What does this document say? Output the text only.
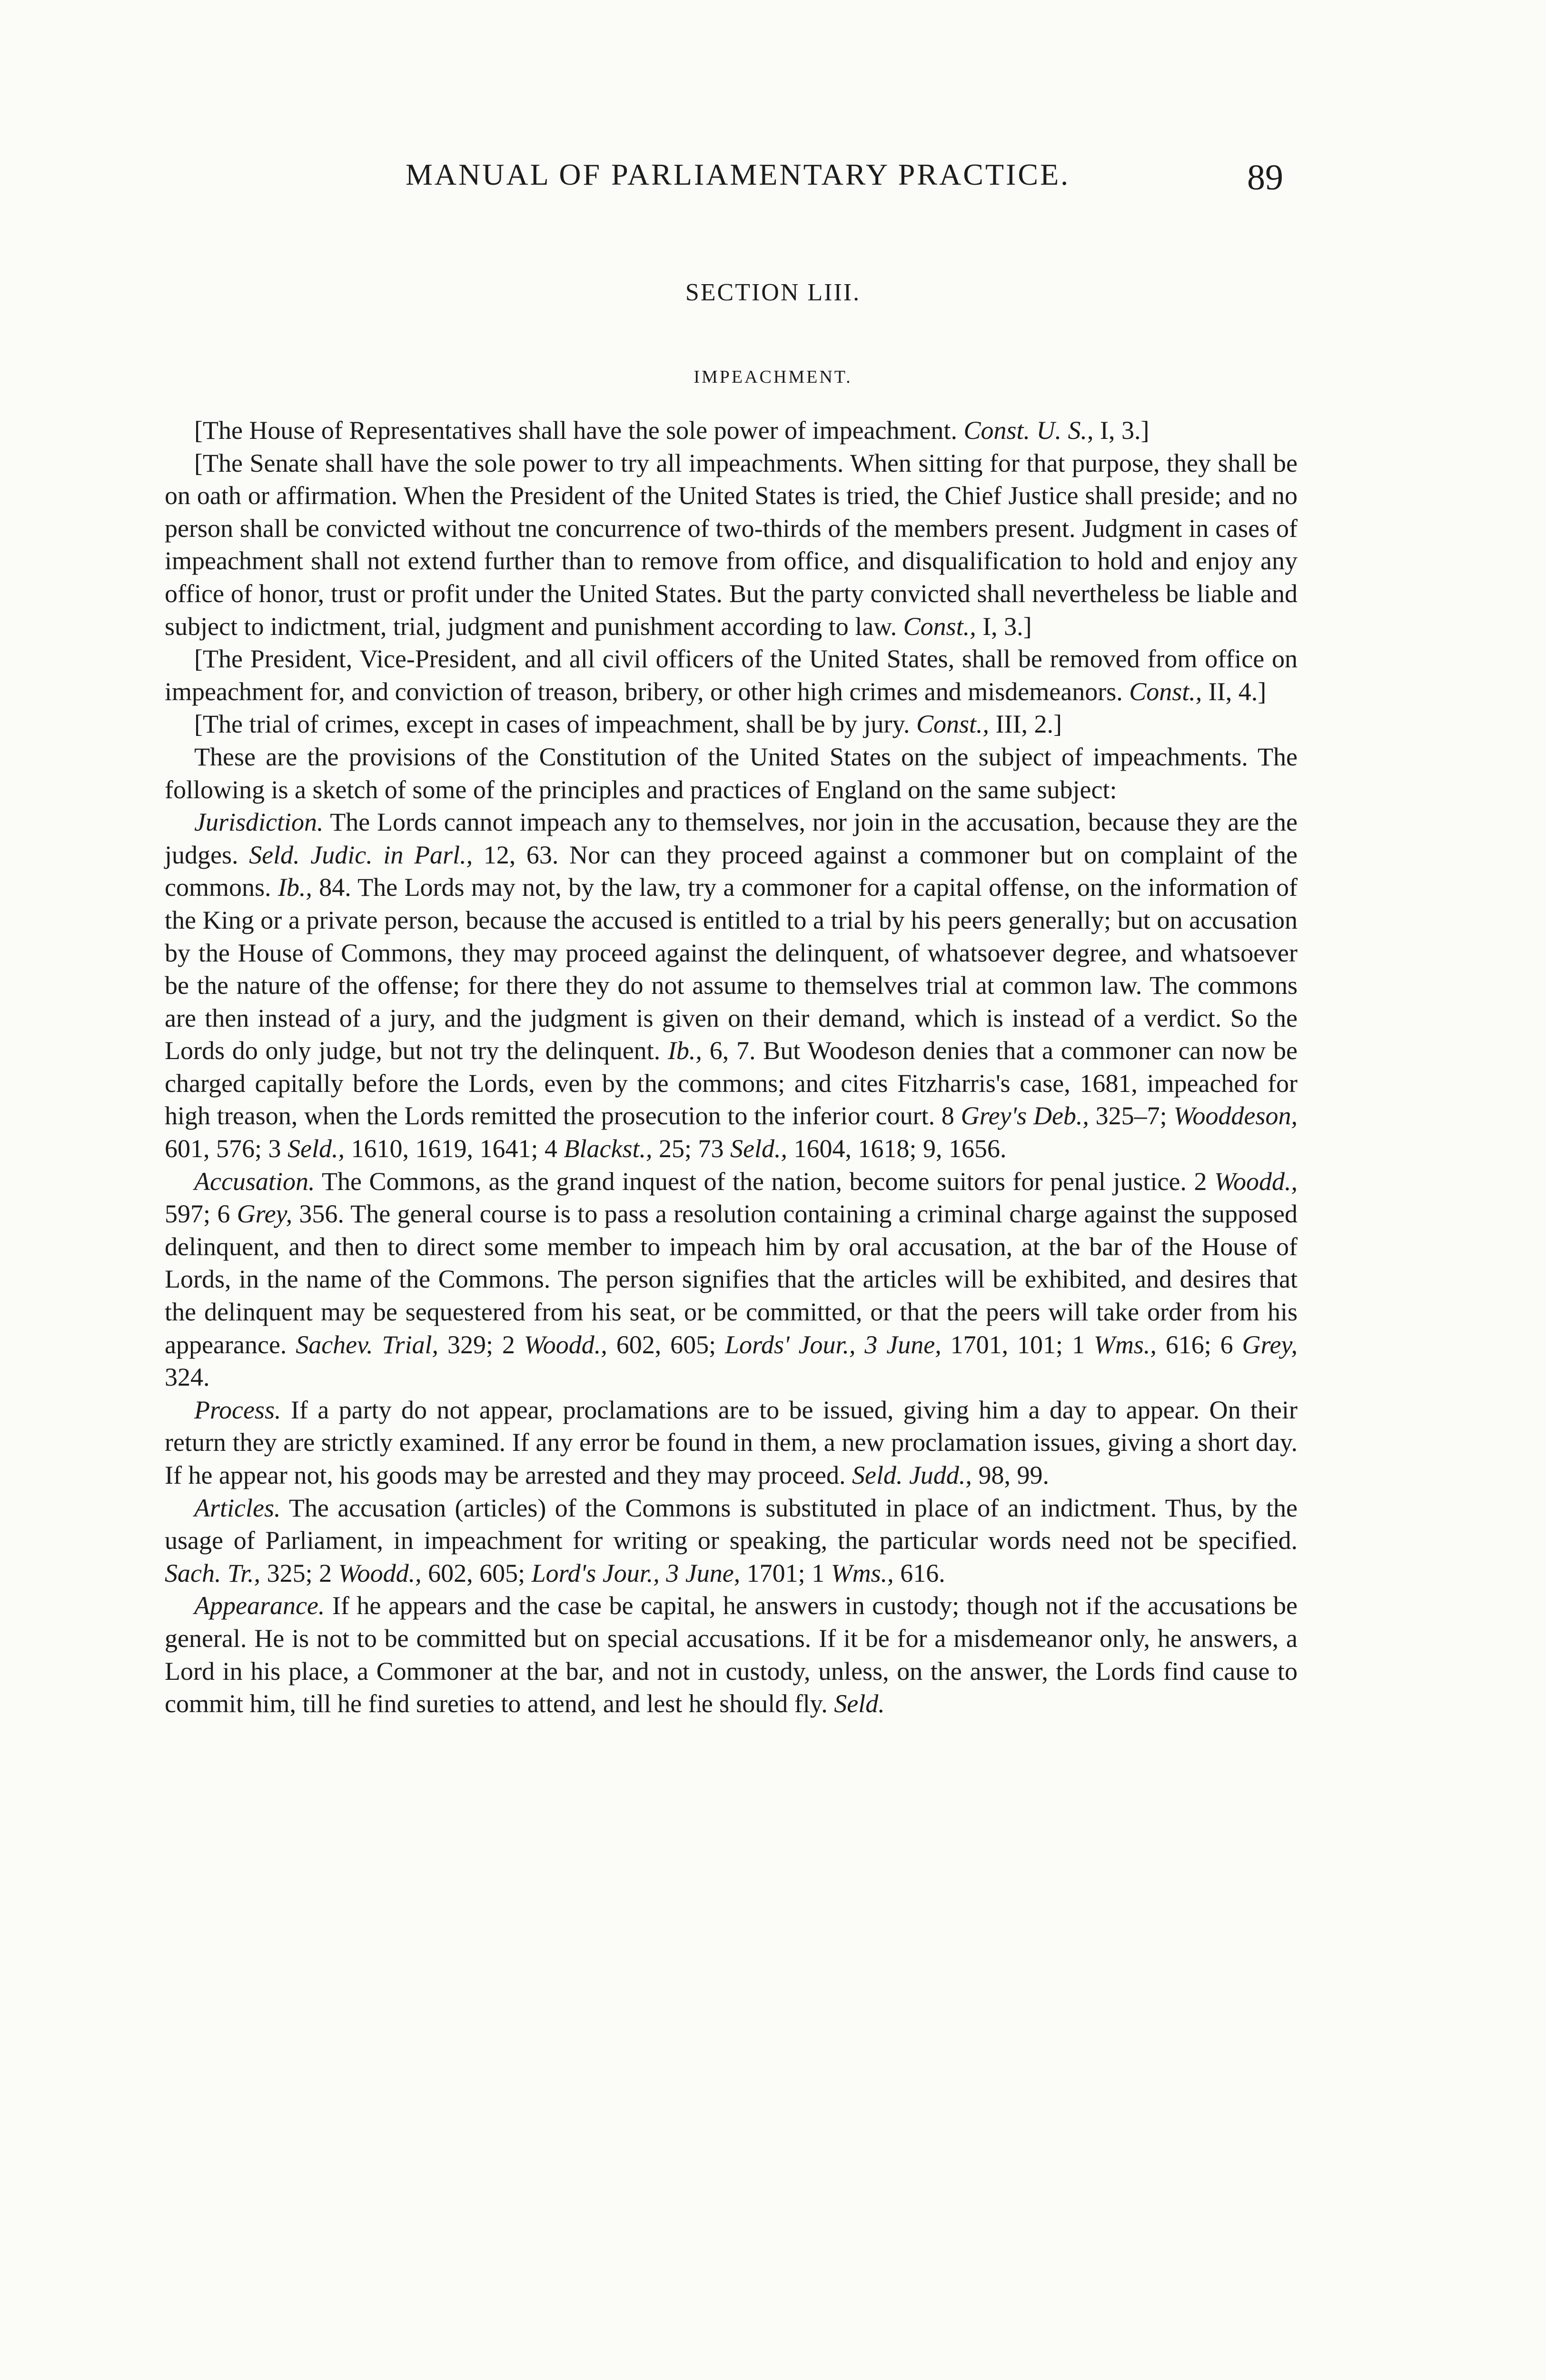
MANUAL OF PARLIAMENTARY PRACTICE.	89
SECTION LIII.
IMPEACHMENT.

[The House of Representatives shall have the sole power of impeachment. Const. U. S., I, 3.]

[The Senate shall have the sole power to try all impeachments. When sitting for that purpose, they shall be on oath or affirmation. When the President of the United States is tried, the Chief Justice shall preside; and no person shall be convicted without tne concurrence of two-thirds of the members present. Judgment in cases of impeachment shall not extend further than to remove from office, and disqualification to hold and enjoy any office of honor, trust or profit under the United States. But the party convicted shall nevertheless be liable and subject to indictment, trial, judgment and punishment according to law. Const., I, 3.]

[The President, Vice-President, and all civil officers of the United States, shall be removed from office on impeachment for, and conviction of treason, bribery, or other high crimes and misdemeanors. Const., II, 4.]

[The trial of crimes, except in cases of impeachment, shall be by jury. Const., III, 2.]

These are the provisions of the Constitution of the United States on the subject of impeachments. The following is a sketch of some of the principles and practices of England on the same subject:

Jurisdiction. The Lords cannot impeach any to themselves, nor join in the accusation, because they are the judges. Seld. Judic. in Parl., 12, 63. Nor can they proceed against a commoner but on complaint of the commons. Ib., 84. The Lords may not, by the law, try a commoner for a capital offense, on the information of the King or a private person, because the accused is entitled to a trial by his peers generally; but on accusation by the House of Commons, they may proceed against the delinquent, of whatsoever degree, and whatsoever be the nature of the offense; for there they do not assume to themselves trial at common law. The commons are then instead of a jury, and the judgment is given on their demand, which is instead of a verdict. So the Lords do only judge, but not try the delinquent. Ib., 6, 7. But Woodeson denies that a commoner can now be charged capitally before the Lords, even by the commons; and cites Fitzharris's case, 1681, impeached for high treason, when the Lords remitted the prosecution to the inferior court. 8 Grey's Deb., 325–7; Wooddeson, 601, 576; 3 Seld., 1610, 1619, 1641; 4 Blackst., 25; 73 Seld., 1604, 1618; 9, 1656.

Accusation. The Commons, as the grand inquest of the nation, become suitors for penal justice. 2 Woodd., 597; 6 Grey, 356. The general course is to pass a resolution containing a criminal charge against the supposed delinquent, and then to direct some member to impeach him by oral accusation, at the bar of the House of Lords, in the name of the Commons. The person signifies that the articles will be exhibited, and desires that the delinquent may be sequestered from his seat, or be committed, or that the peers will take order from his appearance. Sachev. Trial, 329; 2 Woodd., 602, 605; Lords' Jour., 3 June, 1701, 101; 1 Wms., 616; 6 Grey, 324.

Process. If a party do not appear, proclamations are to be issued, giving him a day to appear. On their return they are strictly examined. If any error be found in them, a new proclamation issues, giving a short day. If he appear not, his goods may be arrested and they may proceed. Seld. Judd., 98, 99.

Articles. The accusation (articles) of the Commons is substituted in place of an indictment. Thus, by the usage of Parliament, in impeachment for writing or speaking, the particular words need not be specified. Sach. Tr., 325; 2 Woodd., 602, 605; Lord's Jour., 3 June, 1701; 1 Wms., 616.

Appearance. If he appears and the case be capital, he answers in custody; though not if the accusations be general. He is not to be committed but on special accusations. If it be for a misdemeanor only, he answers, a Lord in his place, a Commoner at the bar, and not in custody, unless, on the answer, the Lords find cause to commit him, till he find sureties to attend, and lest he should fly. Seld.
